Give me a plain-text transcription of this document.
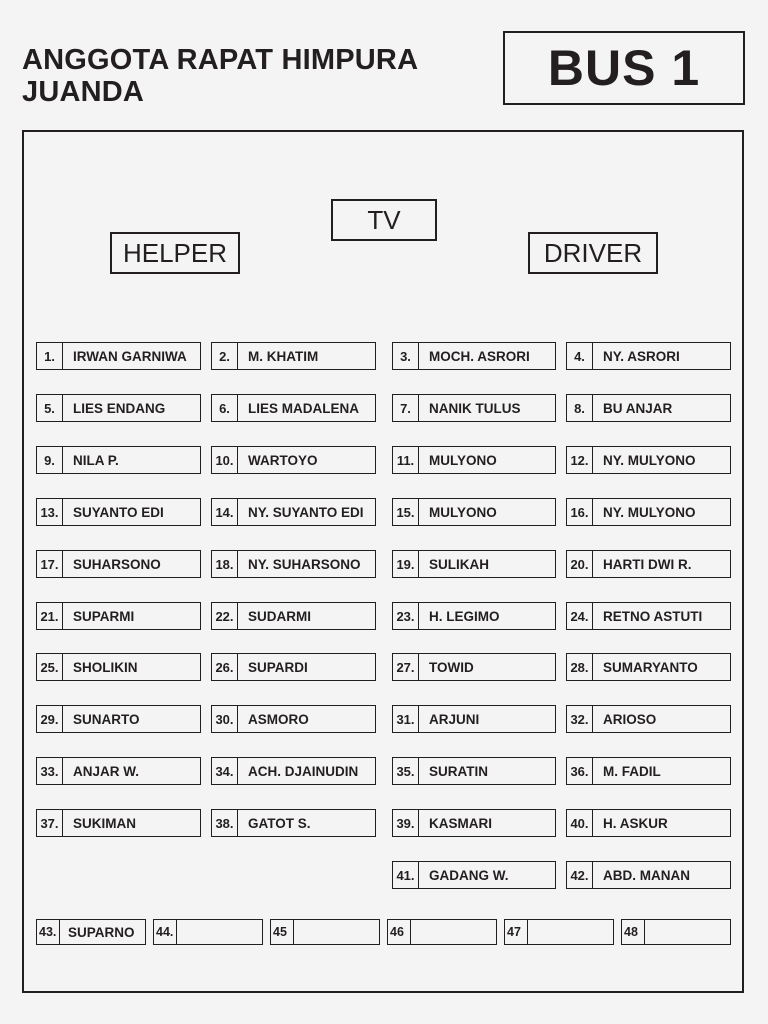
ANGGOTA RAPAT HIMPURA
JUANDA	BUS 1
TV
HELPER	DRIVER
1.	IRWAN GARNIWA	2.	M. KHATIM	3.	MOCH. ASRORI	4.	NY. ASRORI
5.	LIES ENDANG	6.	LIES MADALENA	7.	NANIK TULUS	8.	BU ANJAR
9.	NILA P.	10.	WARTOYO	11.	MULYONO	12.	NY. MULYONO
13.	SUYANTO EDI	14.	NY. SUYANTO EDI	15.	MULYONO	16.	NY. MULYONO
17.	SUHARSONO	18.	NY. SUHARSONO	19.	SULIKAH	20.	HARTI DWI R.
21.	SUPARMI	22.	SUDARMI	23.	H. LEGIMO	24.	RETNO ASTUTI
25.	SHOLIKIN	26.	SUPARDI	27.	TOWID	28.	SUMARYANTO
29.	SUNARTO	30.	ASMORO	31.	ARJUNI	32.	ARIOSO
33.	ANJAR W.	34.	ACH. DJAINUDIN	35.	SURATIN	36.	M. FADIL
37.	SUKIMAN	38.	GATOT S.	39.	KASMARI	40.	H. ASKUR
41.	GADANG W.	42.	ABD. MANAN
43. SUPARNO	44.	45	46	47	48
